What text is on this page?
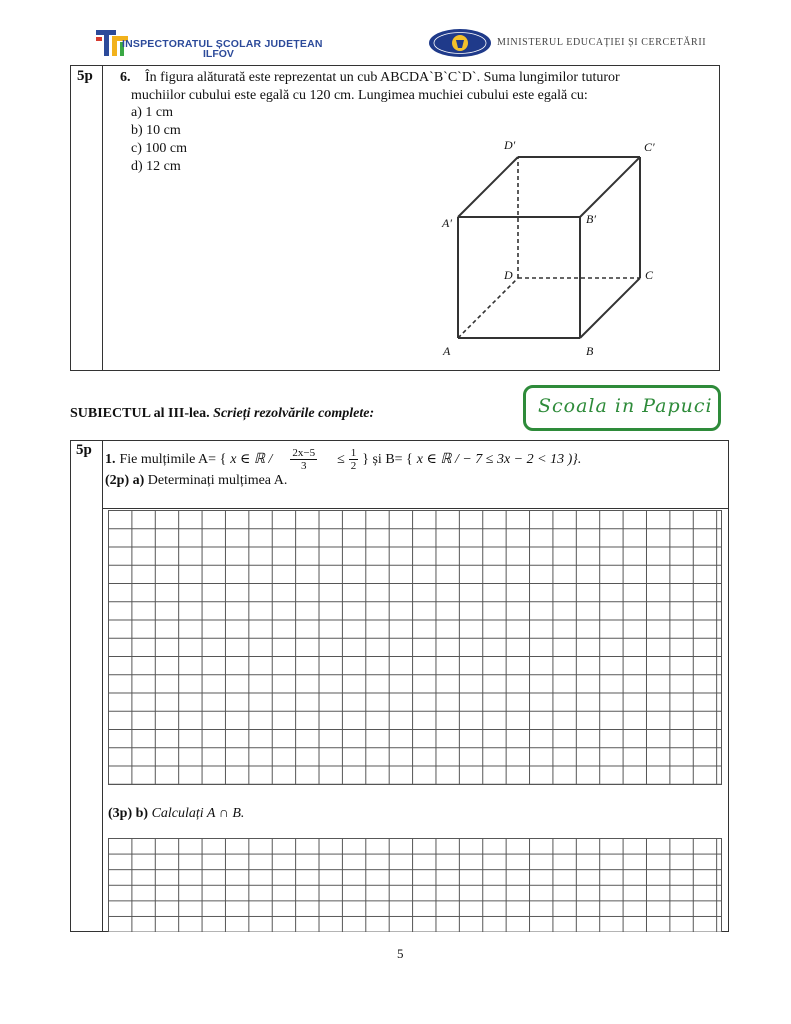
INSPECTORATUL ȘCOLAR JUDEȚEAN
ILFOV
MINISTERUL EDUCAȚIEI ȘI CERCETĂRII
5p 6. În figura alăturată este reprezentat un cub ABCDA`B`C`D`. Suma lungimilor tuturor
muchiilor cubului este egală cu 120 cm. Lungimea muchiei cubului este egală cu:
a) 1 cm
b) 10 cm
c) 100 cm
d) 12 cm
D′	C′
A′	B′
D	C
A	B
Scoala in Papuci
SUBIECTUL al III-lea. Scrieți rezolvările complete:
5p
1. Fie mulțimile A= { x ∈ ℝ / $\frac{2x-5}{3} \le \frac{1}{2}$ } și B= { x ∈ ℝ / − 7 ≤ 3x − 2 < 13 )}.
(2p) a) Determinați mulțimea A.
(3p) b) Calculați A ∩ B.
5
